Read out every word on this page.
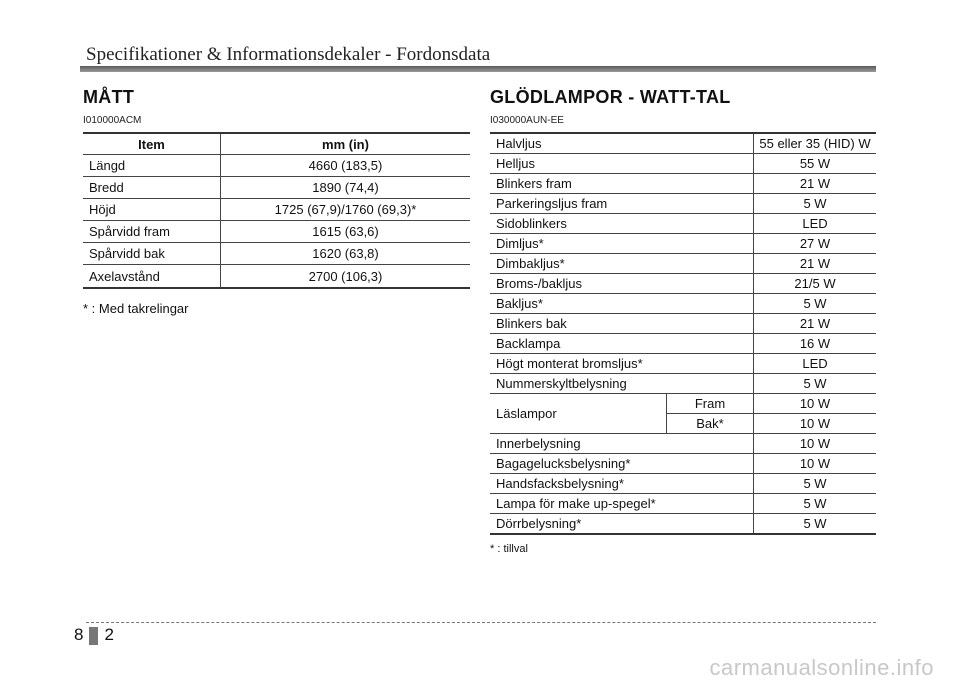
Specifikationer & Informationsdekaler - Fordonsdata
MÅTT
I010000ACM
Item	mm (in)
Längd	4660 (183,5)
Bredd	1890 (74,4)
Höjd	1725 (67,9)/1760 (69,3)*
Spårvidd fram	1615 (63,6)
Spårvidd bak	1620 (63,8)
Axelavstånd	2700 (106,3)
* : Med takrelingar
GLÖDLAMPOR - WATT-TAL
I030000AUN-EE
Halvljus		55 eller 35 (HID) W
Helljus		55 W
Blinkers fram		21 W
Parkeringsljus fram		5 W
Sidoblinkers		LED
Dimljus*		27 W
Dimbakljus*		21 W
Broms-/bakljus		21/5 W
Bakljus*		5 W
Blinkers bak		21 W
Backlampa		16 W
Högt monterat bromsljus*		LED
Nummerskyltbelysning		5 W
Läslampor	Fram	10 W
	Bak*	10 W
Innerbelysning		10 W
Bagagelucksbelysning*		10 W
Handsfacksbelysning*		5 W
Lampa för make up-spegel*		5 W
Dörrbelysning*		5 W
* : tillval
8 2
carmanualsonline.info
